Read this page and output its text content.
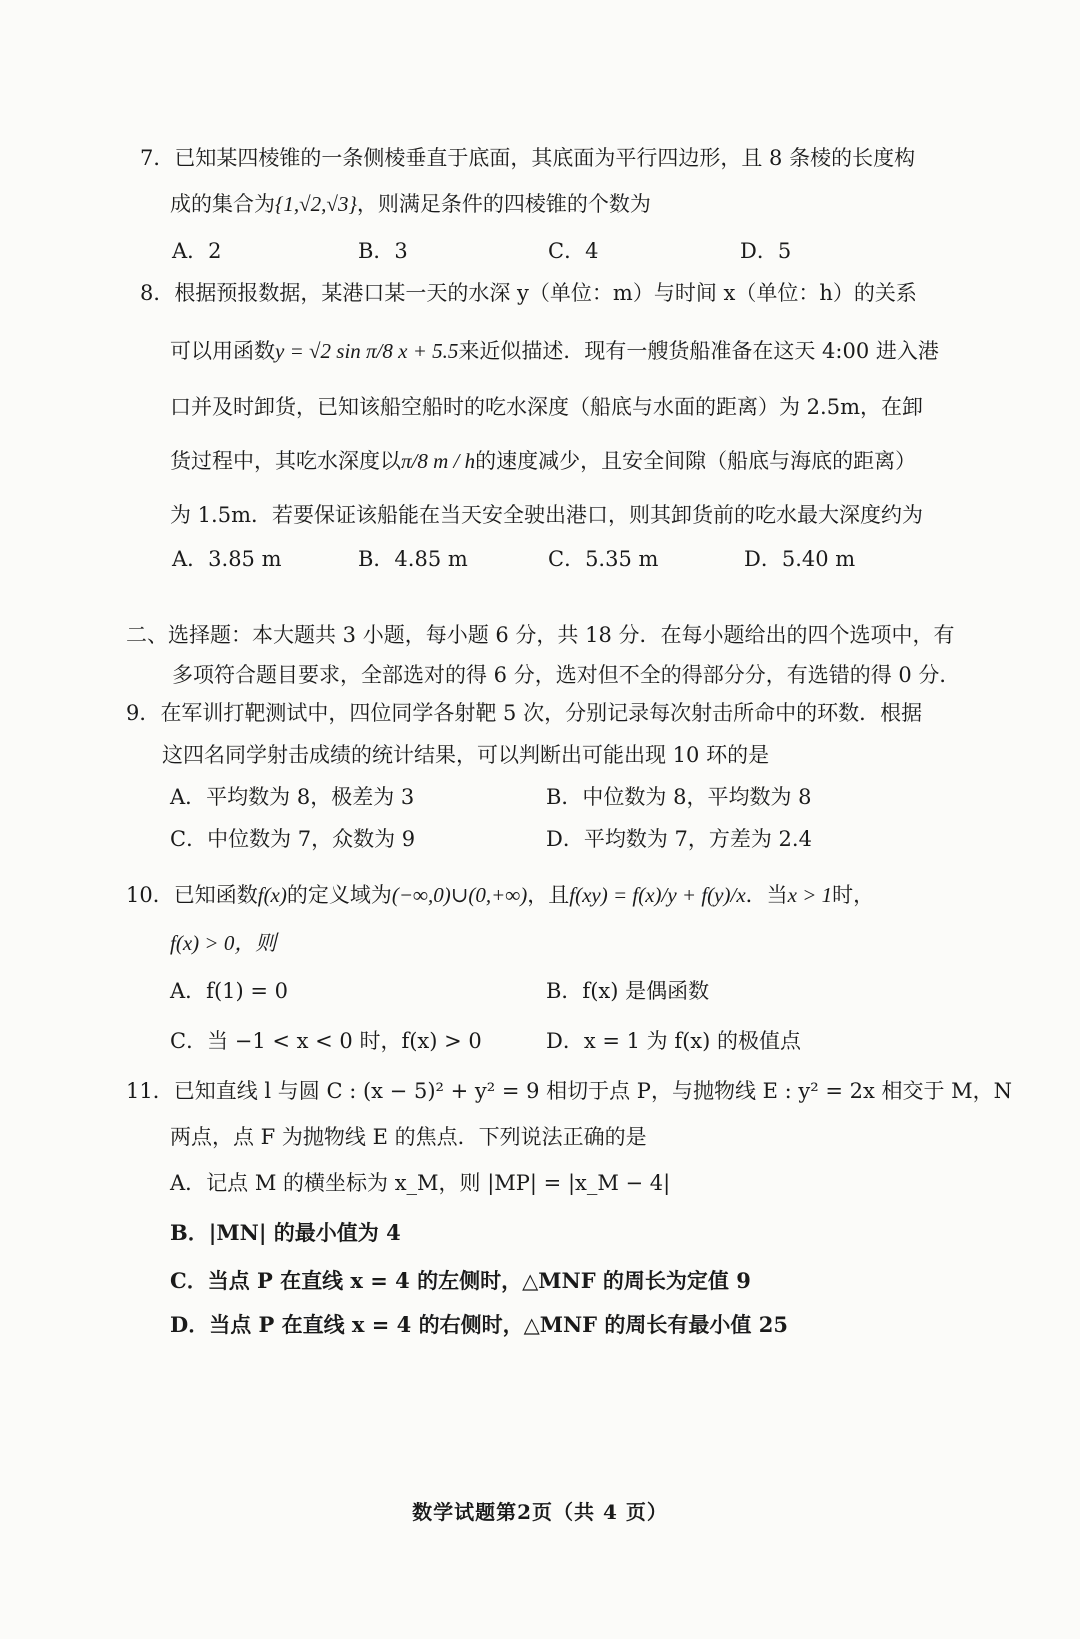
7．已知某四棱锥的一条侧棱垂直于底面，其底面为平行四边形，且 8 条棱的长度构
成的集合为{1,√2,√3}，则满足条件的四棱锥的个数为
A．2	B．3	C．4	D．5
8．根据预报数据，某港口某一天的水深 y（单位：m）与时间 x（单位：h）的关系
可以用函数y = √2 sin π/8 x + 5.5来近似描述．现有一艘货船准备在这天 4:00 进入港
口并及时卸货，已知该船空船时的吃水深度（船底与水面的距离）为 2.5m，在卸
货过程中，其吃水深度以π/8 m / h的速度减少，且安全间隙（船底与海底的距离）
为 1.5m．若要保证该船能在当天安全驶出港口，则其卸货前的吃水最大深度约为
A．3.85 m	B．4.85 m	C．5.35 m	D．5.40 m
二、选择题：本大题共 3 小题，每小题 6 分，共 18 分．在每小题给出的四个选项中，有
多项符合题目要求，全部选对的得 6 分，选对但不全的得部分分，有选错的得 0 分．
9．在军训打靶测试中，四位同学各射靶 5 次，分别记录每次射击所命中的环数．根据
这四名同学射击成绩的统计结果，可以判断出可能出现 10 环的是
A．平均数为 8，极差为 3	B．中位数为 8，平均数为 8
C．中位数为 7，众数为 9	D．平均数为 7，方差为 2.4
10．已知函数f(x)的定义域为(−∞,0)∪(0,+∞)，且f(xy) = f(x)/y + f(y)/x．当x > 1时，
f(x) > 0，则
A．f(1) = 0	B．f(x) 是偶函数
C．当 −1 < x < 0 时，f(x) > 0	D．x = 1 为 f(x) 的极值点
11．已知直线 l 与圆 C : (x − 5)² + y² = 9 相切于点 P，与抛物线 E : y² = 2x 相交于 M，N
两点，点 F 为抛物线 E 的焦点．下列说法正确的是
A．记点 M 的横坐标为 x_M，则 |MP| = |x_M − 4|
B．|MN| 的最小值为 4
C．当点 P 在直线 x = 4 的左侧时，△MNF 的周长为定值 9
D．当点 P 在直线 x = 4 的右侧时，△MNF 的周长有最小值 25
数学试题第2页（共 4 页）
